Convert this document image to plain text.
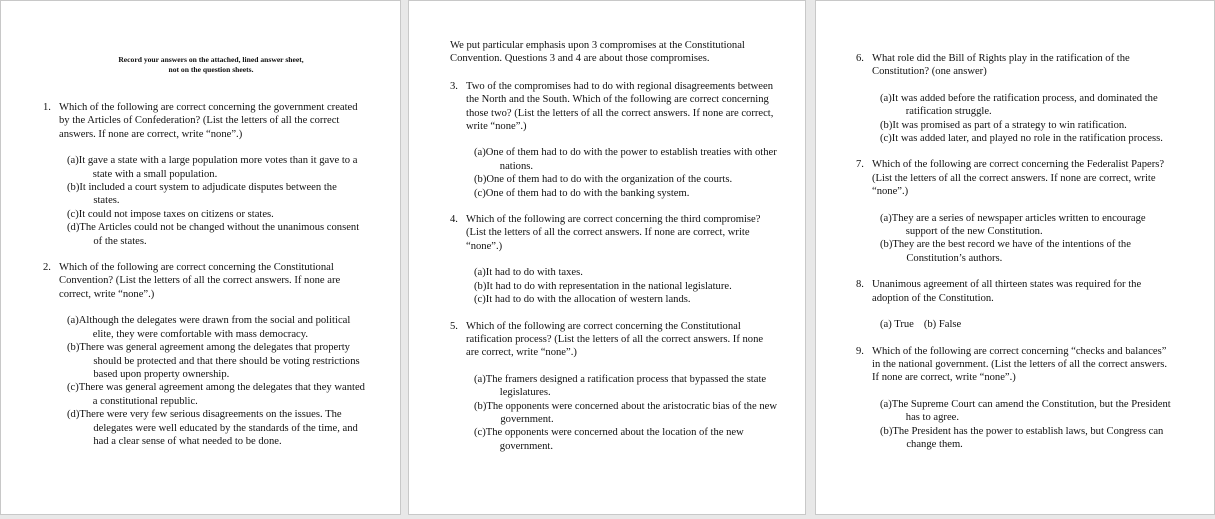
Record your answers on the attached, lined answer sheet,
not on the question sheets.
1. Which of the following are correct concerning the government created by the Articles of Confederation? (List the letters of all the correct answers. If none are correct, write “none”.)
(a) It gave a state with a large population more votes than it gave to a state with a small population.
(b) It included a court system to adjudicate disputes between the states.
(c) It could not impose taxes on citizens or states.
(d) The Articles could not be changed without the unanimous consent of the states.
2. Which of the following are correct concerning the Constitutional Convention? (List the letters of all the correct answers. If none are correct, write “none”.)
(a) Although the delegates were drawn from the social and political elite, they were comfortable with mass democracy.
(b) There was general agreement among the delegates that property should be protected and that there should be voting restrictions based upon property ownership.
(c) There was general agreement among the delegates that they wanted a constitutional republic.
(d) There were very few serious disagreements on the issues. The delegates were well educated by the standards of the time, and had a clear sense of what needed to be done.
We put particular emphasis upon 3 compromises at the Constitutional Convention. Questions 3 and 4 are about those compromises.
3. Two of the compromises had to do with regional disagreements between the North and the South. Which of the following are correct concerning those two? (List the letters of all the correct answers. If none are correct, write “none”.)
(a) One of them had to do with the power to establish treaties with other nations.
(b) One of them had to do with the organization of the courts.
(c) One of them had to do with the banking system.
4. Which of the following are correct concerning the third compromise? (List the letters of all the correct answers. If none are correct, write “none”.)
(a) It had to do with taxes.
(b) It had to do with representation in the national legislature.
(c) It had to do with the allocation of western lands.
5. Which of the following are correct concerning the Constitutional ratification process? (List the letters of all the correct answers. If none are correct, write “none”.)
(a) The framers designed a ratification process that bypassed the state legislatures.
(b) The opponents were concerned about the aristocratic bias of the new government.
(c) The opponents were concerned about the location of the new government.
6. What role did the Bill of Rights play in the ratification of the Constitution? (one answer)
(a) It was added before the ratification process, and dominated the ratification struggle.
(b) It was promised as part of a strategy to win ratification.
(c) It was added later, and played no role in the ratification process.
7. Which of the following are correct concerning the Federalist Papers? (List the letters of all the correct answers. If none are correct, write “none”.)
(a) They are a series of newspaper articles written to encourage support of the new Constitution.
(b) They are the best record we have of the intentions of the Constitution’s authors.
8. Unanimous agreement of all thirteen states was required for the adoption of the Constitution.
(a) True (b) False
9. Which of the following are correct concerning “checks and balances” in the national government. (List the letters of all the correct answers. If none are correct, write “none”.)
(a) The Supreme Court can amend the Constitution, but the President has to agree.
(b) The President has the power to establish laws, but Congress can change them.
